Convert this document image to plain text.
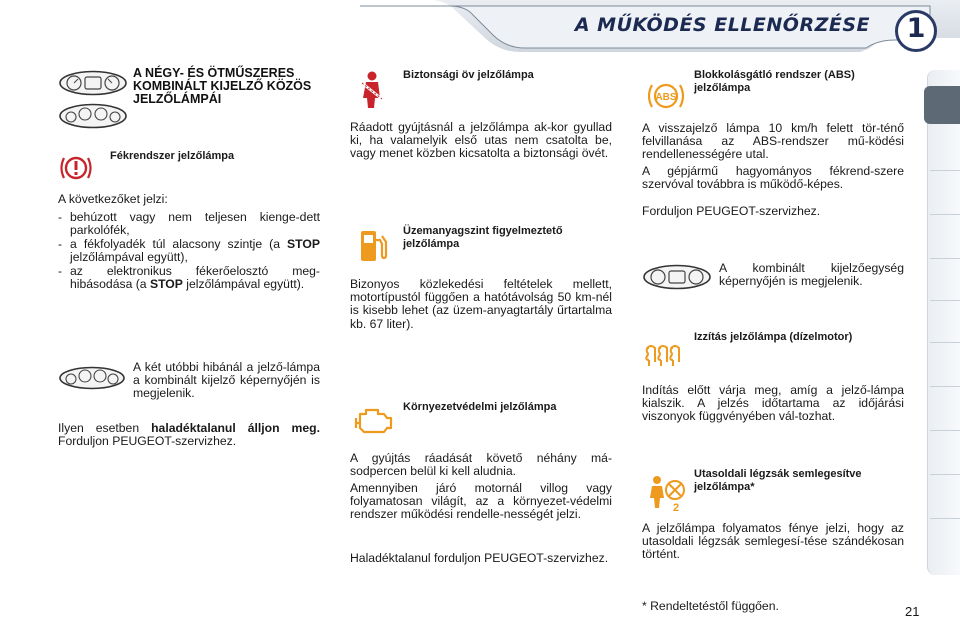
A MŰKÖDÉS ELLENŐRZÉSE	1
A NÉGY- ÉS ÖTMŰSZERES KOMBINÁLT KIJELZŐ KÖZÖS JELZŐLÁMPÁI
Fékrendszer jelzőlámpa
A következőket jelzi:
- behúzott vagy nem teljesen kienge-dett parkolófék,
- a fékfolyadék túl alacsony szintje (a STOP jelzőlámpával együtt),
- az elektronikus fékerőelosztó meg-hibásodása (a STOP jelzőlámpával együtt).
A két utóbbi hibánál a jelző-lámpa a kombinált kijelző képernyőjén is megjelenik.
Ilyen esetben haladéktalanul álljon meg. Forduljon PEUGEOT-szervizhez.
Biztonsági öv jelzőlámpa
Ráadott gyújtásnál a jelzőlámpa ak-kor gyullad ki, ha valamelyik első utas nem csatolta be, vagy menet közben kicsatolta a biztonsági övét.
Üzemanyagszint figyelmeztető jelzőlámpa
Bizonyos közlekedési feltételek mellett, motortípustól függően a hatótávolság 50 km-nél is kisebb lehet (az üzem-anyagtartály űrtartalma kb. 67 liter).
Környezetvédelmi jelzőlámpa
A gyújtás ráadását követő néhány má-sodpercen belül ki kell aludnia.
Amennyiben járó motornál villog vagy folyamatosan világít, az a környezet-védelmi rendszer működési rendelle-nességét jelzi.
Haladéktalanul forduljon PEUGEOT-szervizhez.
ABS
Blokkolásgátló rendszer (ABS) jelzőlámpa
A visszajelző lámpa 10 km/h felett tör-ténő felvillanása az ABS-rendszer mű-ködési rendellenességére utal.
A gépjármű hagyományos fékrend-szere szervóval továbbra is működő-képes.
Forduljon PEUGEOT-szervizhez.
A kombinált kijelzőegység képernyőjén is megjelenik.
Izzítás jelzőlámpa (dízelmotor)
Indítás előtt várja meg, amíg a jelző-lámpa kialszik. A jelzés időtartama az időjárási viszonyok függvényében vál-tozhat.
2
Utasoldali légzsák semlegesítve jelzőlámpa*
A jelzőlámpa folyamatos fénye jelzi, hogy az utasoldali légzsák semlegesí-tése szándékosan történt.
* Rendeltetéstől függően.	21
